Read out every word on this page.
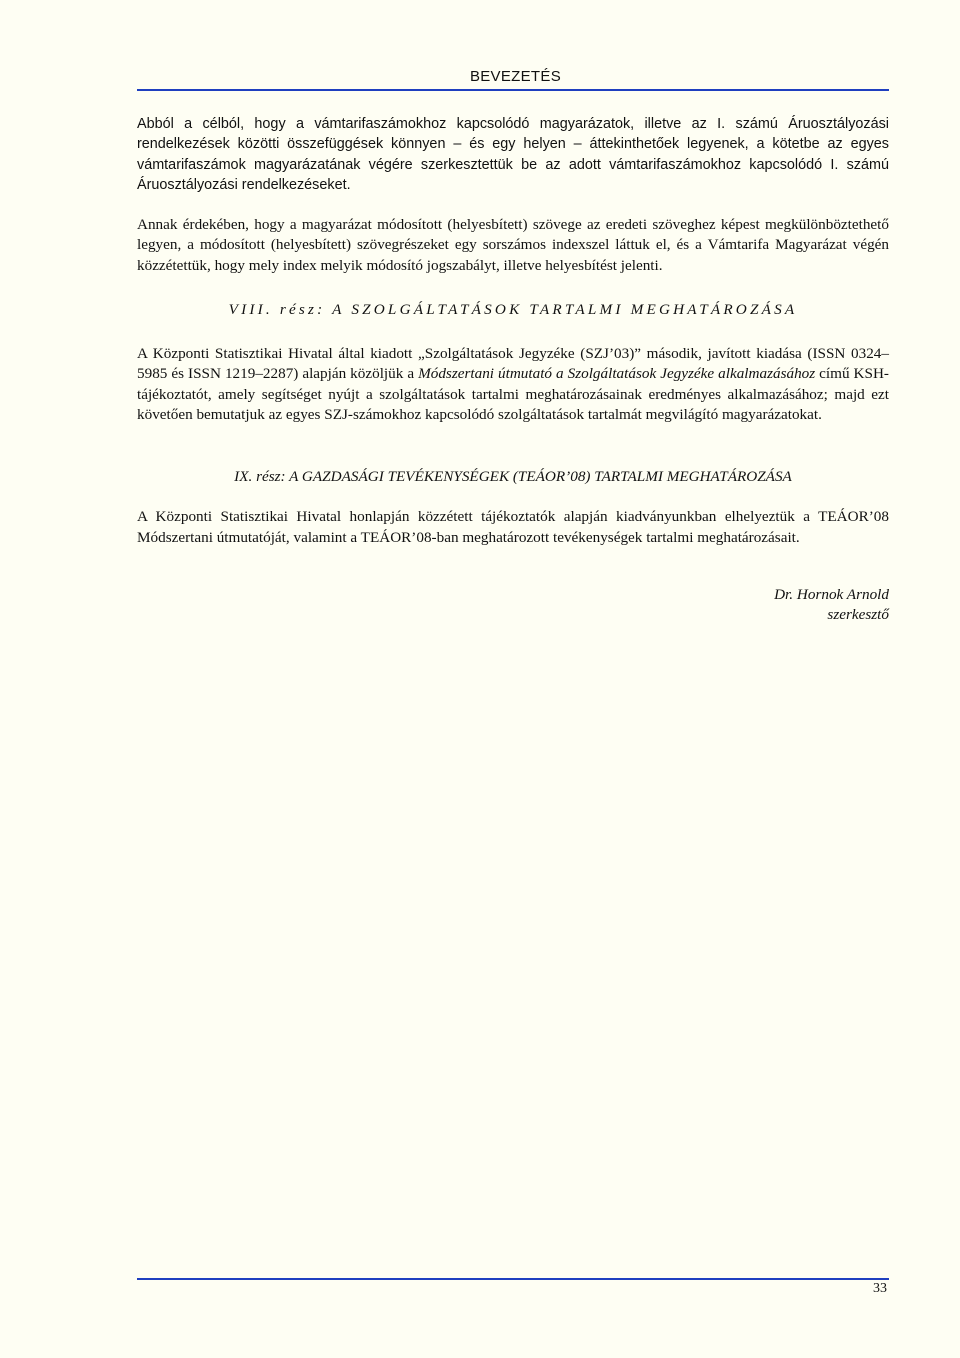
BEVEZETÉS

Abból a célból, hogy a vámtarifaszámokhoz kapcsolódó magyarázatok, illetve az I. számú Áruosztályozási rendelkezések közötti összefüggések könnyen – és egy helyen – áttekinthetőek legyenek, a kötetbe az egyes vámtarifaszámok magyarázatának végére szerkesztettük be az adott vámtarifaszámokhoz kapcsolódó I. számú Áruosztályozási rendelkezéseket.

Annak érdekében, hogy a magyarázat módosított (helyesbített) szövege az eredeti szöveghez képest megkülönböztethető legyen, a módosított (helyesbített) szövegrészeket egy sorszámos indexszel láttuk el, és a Vámtarifa Magyarázat végén közzétettük, hogy mely index melyik módosító jogszabályt, illetve helyesbítést jelenti.

VIII. rész: A SZOLGÁLTATÁSOK TARTALMI MEGHATÁROZÁSA

A Központi Statisztikai Hivatal által kiadott „Szolgáltatások Jegyzéke (SZJ’03)” második, javított kiadása (ISSN 0324–5985 és ISSN 1219–2287) alapján közöljük a Módszertani útmutató a Szolgáltatások Jegyzéke alkalmazásához című KSH-tájékoztatót, amely segítséget nyújt a szolgáltatások tartalmi meghatározásainak eredményes alkalmazásához; majd ezt követően bemutatjuk az egyes SZJ-számokhoz kapcsolódó szolgáltatások tartalmát megvilágító magyarázatokat.

IX. rész: A GAZDASÁGI TEVÉKENYSÉGEK (TEÁOR’08) TARTALMI MEGHATÁROZÁSA

A Központi Statisztikai Hivatal honlapján közzétett tájékoztatók alapján kiadványunkban elhelyeztük a TEÁOR’08 Módszertani útmutatóját, valamint a TEÁOR’08-ban meghatározott tevékenységek tartalmi meghatározásait.

Dr. Hornok Arnold
szerkesztő
33
